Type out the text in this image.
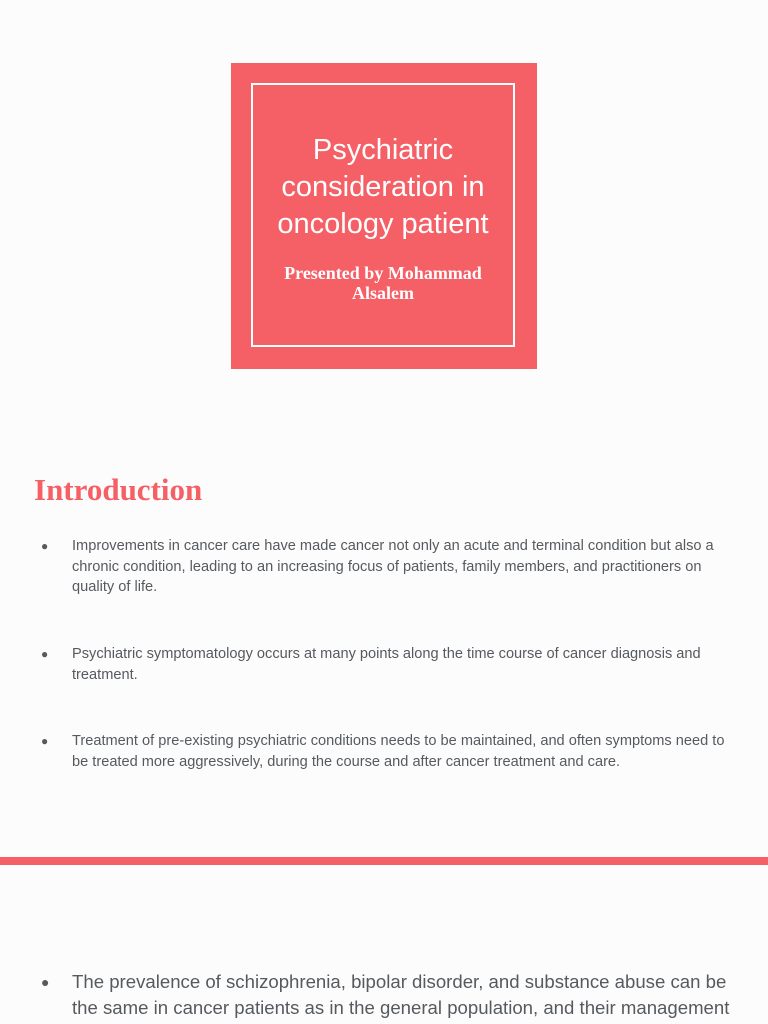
Psychiatric consideration in oncology patient
Presented by Mohammad Alsalem
Introduction
●	Improvements in cancer care have made cancer not only an acute and terminal condition but also a chronic condition, leading to an increasing focus of patients, family members, and practitioners on quality of life.
●	Psychiatric symptomatology occurs at many points along the time course of cancer diagnosis and treatment.
●	Treatment of pre-existing psychiatric conditions needs to be maintained, and often symptoms need to be treated more aggressively, during the course and after cancer treatment and care.
●	The prevalence of schizophrenia, bipolar disorder, and substance abuse can be the same in cancer patients as in the general population, and their management
